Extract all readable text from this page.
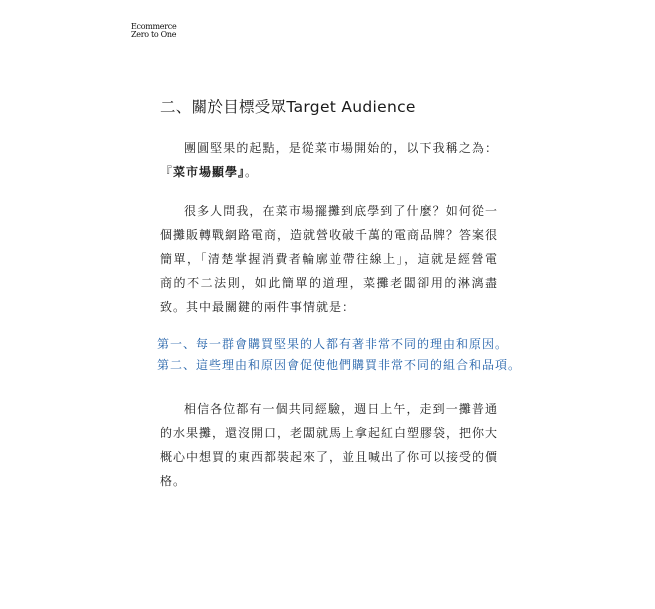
Ecommerce
Zero to One
二、關於目標受眾Target Audience

團圓堅果的起點，是從菜市場開始的，以下我稱之為：『菜市場顯學』。

很多人問我，在菜市場擺攤到底學到了什麼？如何從一個攤販轉戰網路電商，造就營收破千萬的電商品牌？答案很簡單，「清楚掌握消費者輪廓並帶往線上」，這就是經營電商的不二法則，如此簡單的道理，菜攤老闆卻用的淋漓盡致。其中最關鍵的兩件事情就是：

第一、每一群會購買堅果的人都有著非常不同的理由和原因。

第二、這些理由和原因會促使他們購買非常不同的組合和品項。

相信各位都有一個共同經驗，週日上午，走到一攤普通的水果攤，還沒開口，老闆就馬上拿起紅白塑膠袋，把你大概心中想買的東西都裝起來了，並且喊出了你可以接受的價格。
